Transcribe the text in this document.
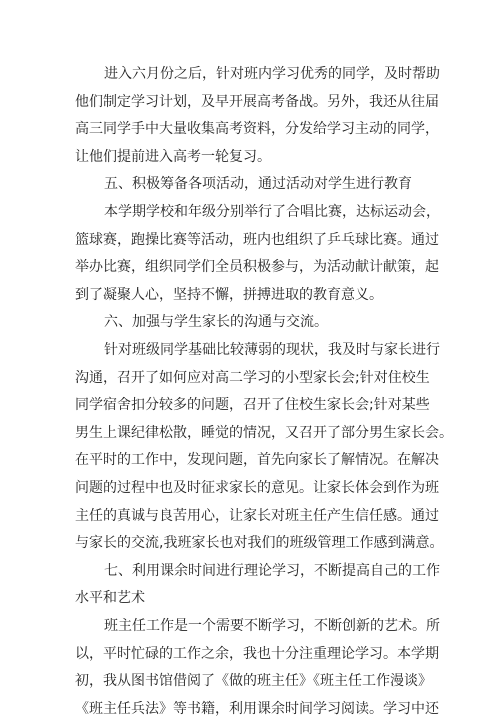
进入六月份之后，针对班内学习优秀的同学，及时帮助
他们制定学习计划，及早开展高考备战。另外，我还从往届
高三同学手中大量收集高考资料，分发给学习主动的同学，
让他们提前进入高考一轮复习。
五、积极筹备各项活动，通过活动对学生进行教育
本学期学校和年级分别举行了合唱比赛，达标运动会，
篮球赛，跑操比赛等活动，班内也组织了乒乓球比赛。通过
举办比赛，组织同学们全员积极参与，为活动献计献策，起
到了凝聚人心，坚持不懈，拼搏进取的教育意义。
六、加强与学生家长的沟通与交流。
针对班级同学基础比较薄弱的现状，我及时与家长进行
沟通，召开了如何应对高二学习的小型家长会;针对住校生
同学宿舍扣分较多的问题，召开了住校生家长会;针对某些
男生上课纪律松散，睡觉的情况，又召开了部分男生家长会。
在平时的工作中，发现问题，首先向家长了解情况。在解决
问题的过程中也及时征求家长的意见。让家长体会到作为班
主任的真诚与良苦用心，让家长对班主任产生信任感。通过
与家长的交流,我班家长也对我们的班级管理工作感到满意。
七、利用课余时间进行理论学习，不断提高自己的工作
水平和艺术
班主任工作是一个需要不断学习，不断创新的艺术。所
以，平时忙碌的工作之余，我也十分注重理论学习。本学期
初，我从图书馆借阅了《做的班主任》《班主任工作漫谈》
《班主任兵法》等书籍，利用课余时间学习阅读。学习中还
